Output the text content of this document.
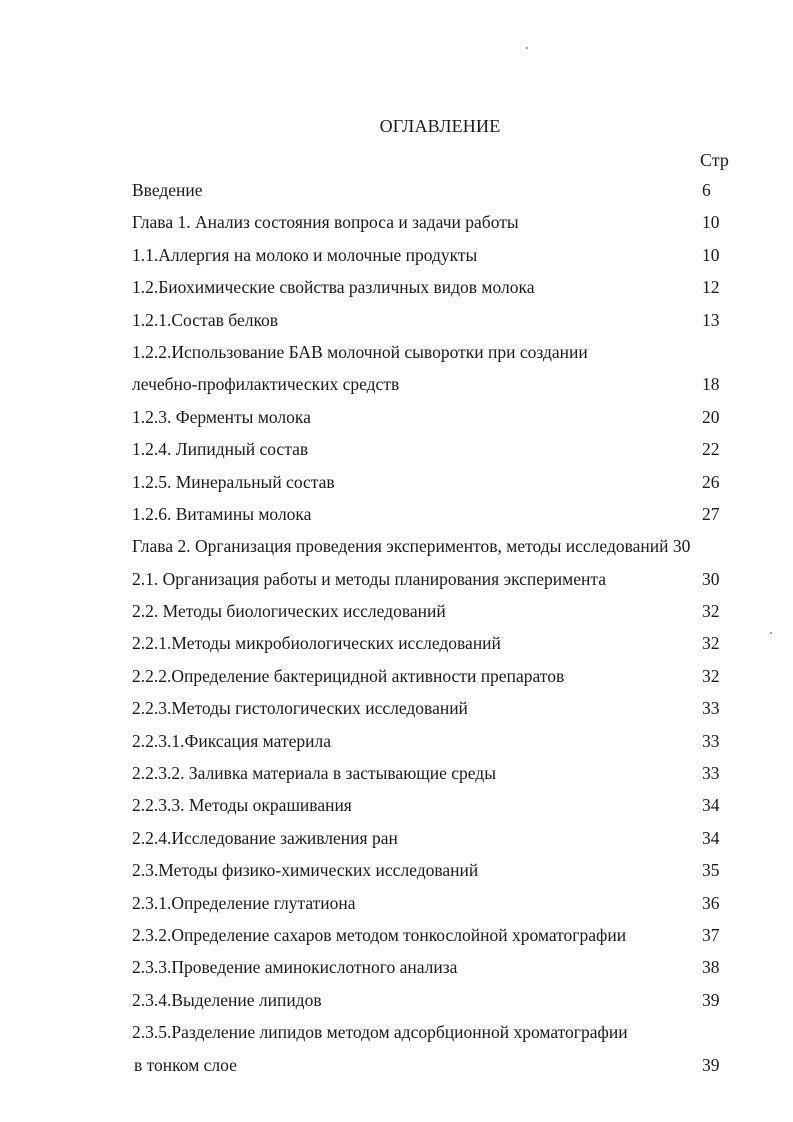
ОГЛАВЛЕНИЕ
Стр
Введение	6
Глава 1. Анализ состояния вопроса и задачи работы	10
1.1.Аллергия на молоко и молочные продукты	10
1.2.Биохимические свойства различных видов молока	12
1.2.1.Состав белков	13
1.2.2.Использование БАВ молочной сыворотки при создании
лечебно-профилактических средств	18
1.2.3. Ферменты молока	20
1.2.4. Липидный состав	22
1.2.5. Минеральный состав	26
1.2.6. Витамины молока	27
Глава 2. Организация проведения экспериментов, методы исследований 30
2.1. Организация работы и методы планирования эксперимента	30
2.2. Методы биологических исследований	32
2.2.1.Методы микробиологических исследований	32
2.2.2.Определение бактерицидной активности препаратов	32
2.2.3.Методы гистологических исследований	33
2.2.3.1.Фиксация материла	33
2.2.3.2. Заливка материала в застывающие среды	33
2.2.3.3. Методы окрашивания	34
2.2.4.Исследование заживления ран	34
2.3.Методы физико-химических исследований	35
2.3.1.Определение глутатиона	36
2.3.2.Определение сахаров методом тонкослойной хроматографии	37
2.3.3.Проведение аминокислотного анализа	38
2.3.4.Выделение липидов	39
2.3.5.Разделение липидов методом адсорбционной хроматографии
в тонком слое	39
